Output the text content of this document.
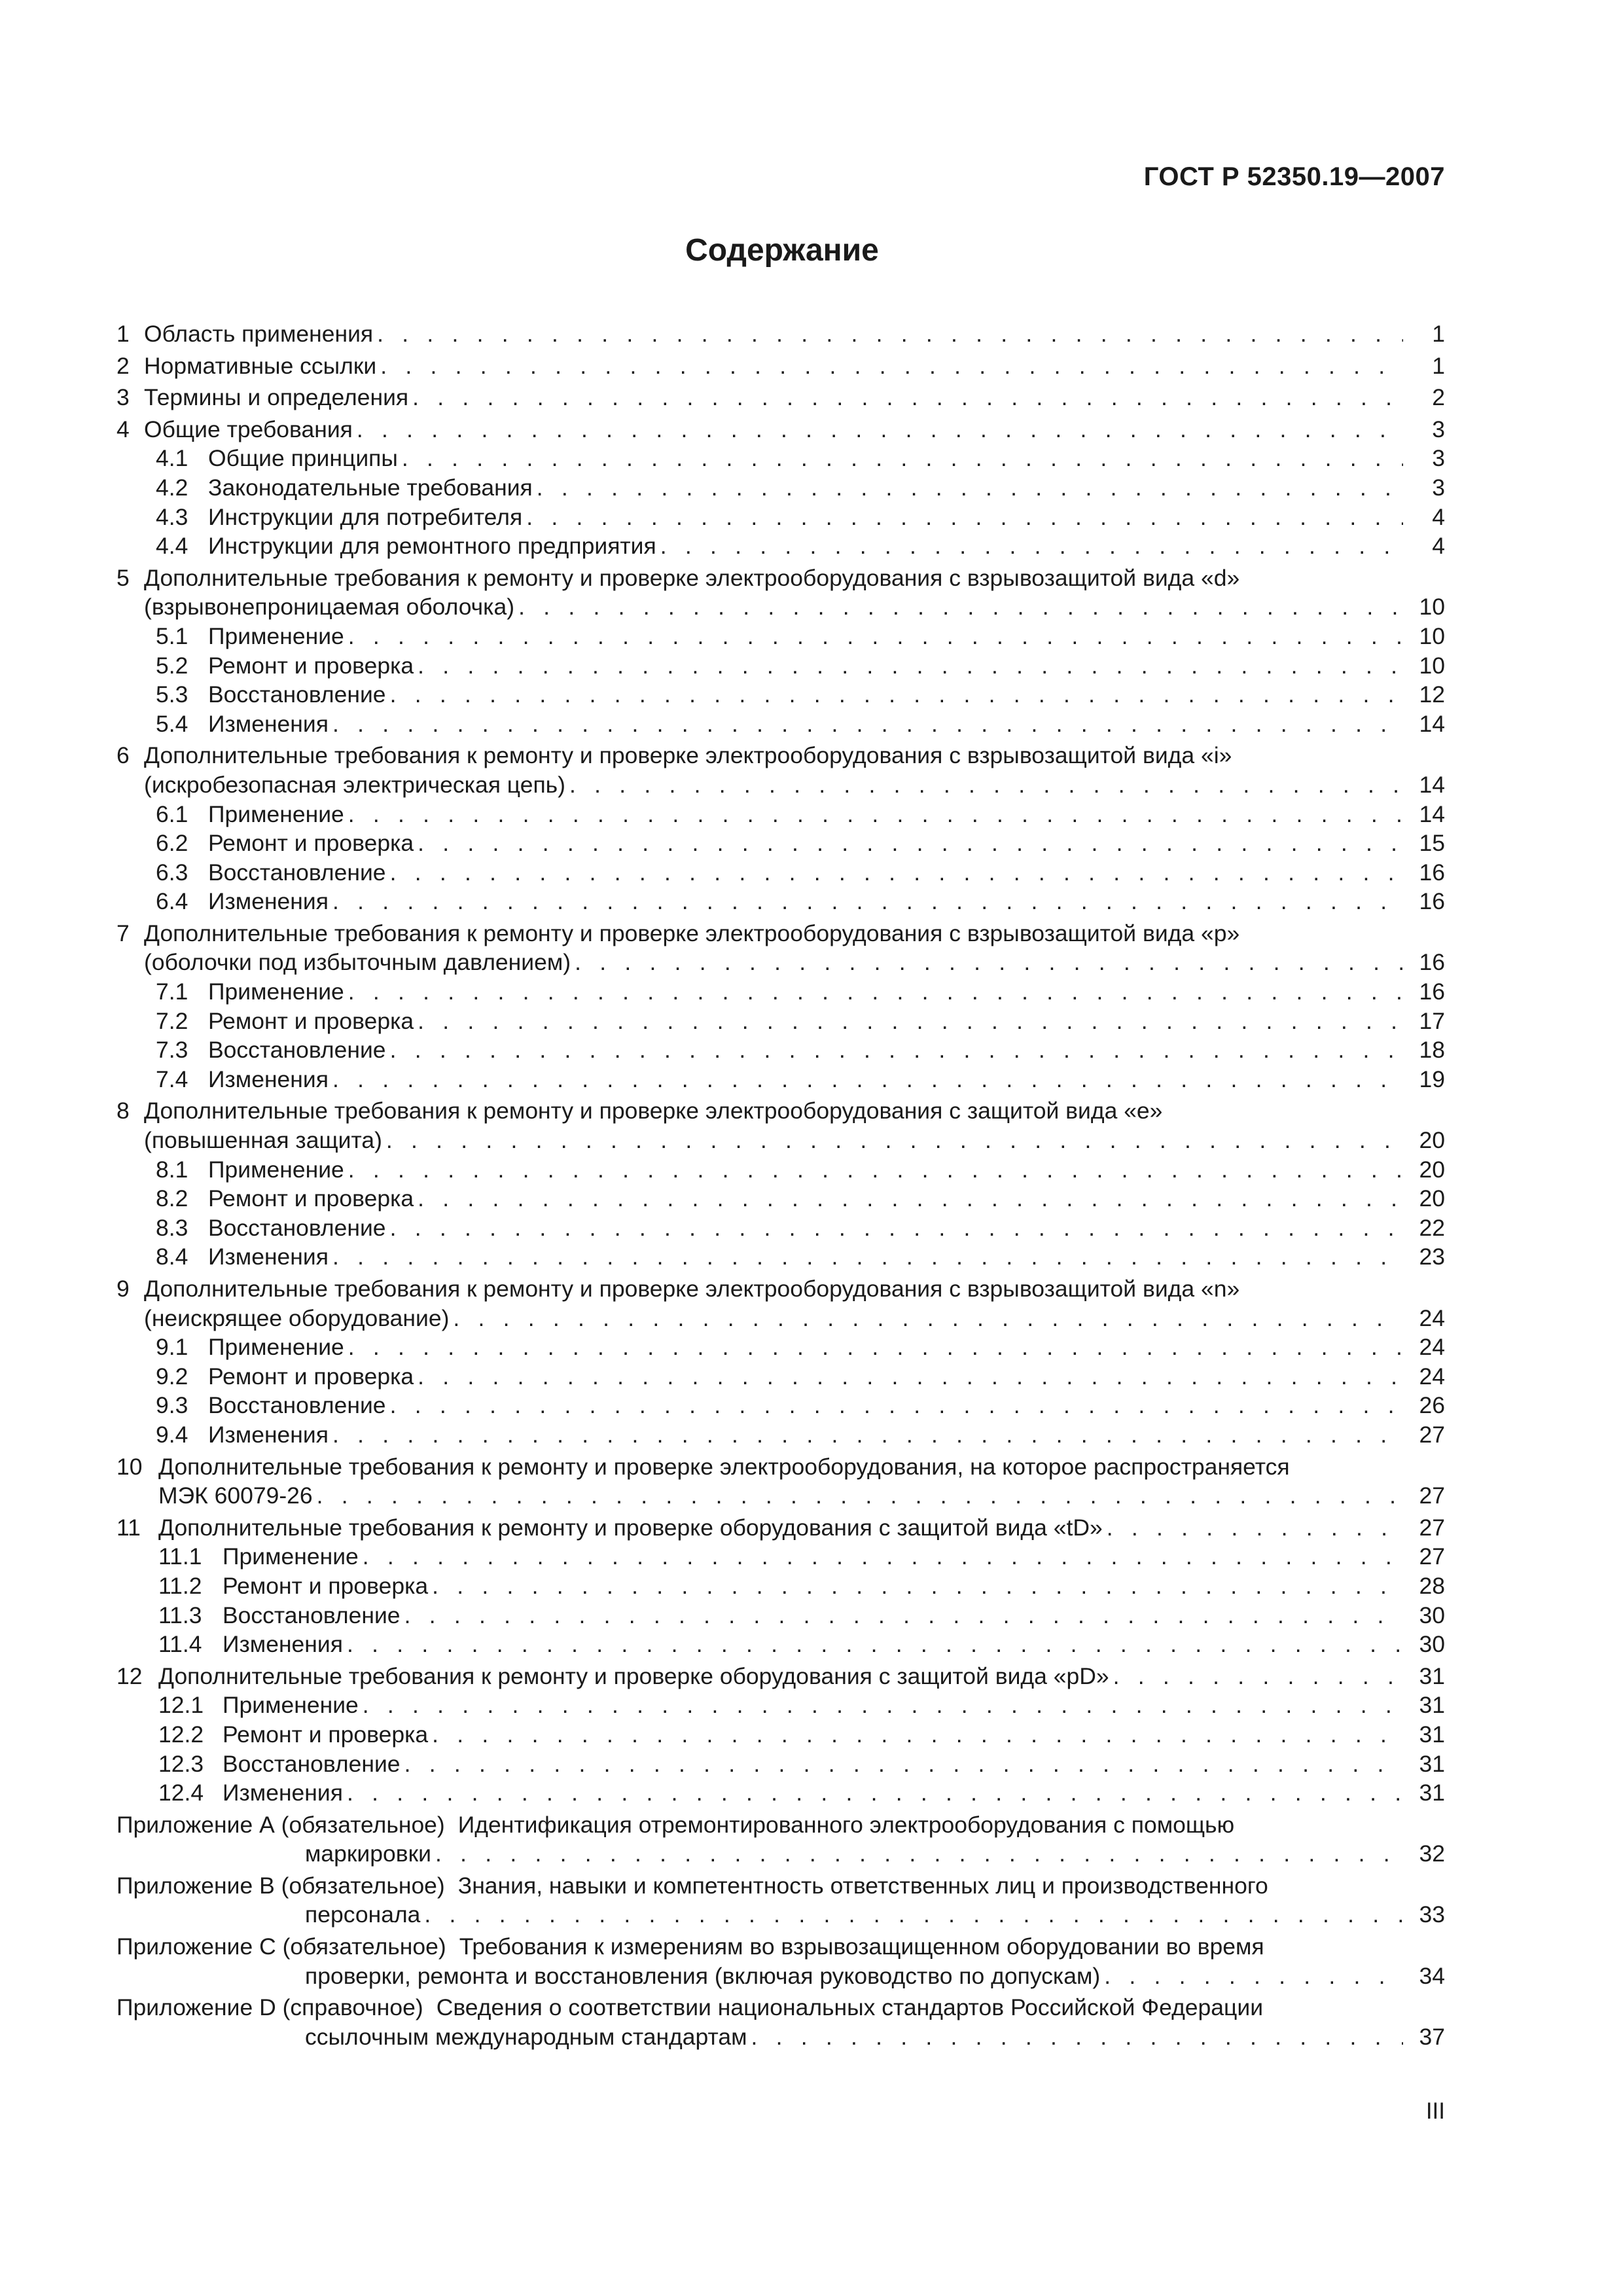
ГОСТ Р 52350.19—2007
Содержание
1 Область применения . . .	1
2 Нормативные ссылки . . .	1
3 Термины и определения . . .	2
4 Общие требования . . .	3
4.1 Общие принципы . . .	3
4.2 Законодательные требования . . .	3
4.3 Инструкции для потребителя . . .	4
4.4 Инструкции для ремонтного предприятия . . .	4
5 Дополнительные требования к ремонту и проверке электрооборудования с взрывозащитой вида «d»
(взрывонепроницаемая оболочка) . . .	10
5.1 Применение . . .	10
5.2 Ремонт и проверка . . .	10
5.3 Восстановление . . .	12
5.4 Изменения . . .	14
6 Дополнительные требования к ремонту и проверке электрооборудования с взрывозащитой вида «i»
(искробезопасная электрическая цепь) . . .	14
6.1 Применение . . .	14
6.2 Ремонт и проверка . . .	15
6.3 Восстановление . . .	16
6.4 Изменения . . .	16
7 Дополнительные требования к ремонту и проверке электрооборудования с взрывозащитой вида «р»
(оболочки под избыточным давлением) . . .	16
7.1 Применение . . .	16
7.2 Ремонт и проверка . . .	17
7.3 Восстановление . . .	18
7.4 Изменения . . .	19
8 Дополнительные требования к ремонту и проверке электрооборудования с защитой вида «е»
(повышенная защита) . . .	20
8.1 Применение . . .	20
8.2 Ремонт и проверка . . .	20
8.3 Восстановление . . .	22
8.4 Изменения . . .	23
9 Дополнительные требования к ремонту и проверке электрооборудования с взрывозащитой вида «n»
(неискрящее оборудование) . . .	24
9.1 Применение . . .	24
9.2 Ремонт и проверка . . .	24
9.3 Восстановление . . .	26
9.4 Изменения . . .	27
10 Дополнительные требования к ремонту и проверке электрооборудования, на которое распространяется
МЭК 60079-26 . . .	27
11 Дополнительные требования к ремонту и проверке оборудования с защитой вида «tD» . . .	27
11.1 Применение . . .	27
11.2 Ремонт и проверка . . .	28
11.3 Восстановление . . .	30
11.4 Изменения . . .	30
12 Дополнительные требования к ремонту и проверке оборудования с защитой вида «pD» . . .	31
12.1 Применение . . .	31
12.2 Ремонт и проверка . . .	31
12.3 Восстановление . . .	31
12.4 Изменения . . .	31
Приложение А (обязательное) Идентификация отремонтированного электрооборудования с помощью
маркировки . . .	32
Приложение В (обязательное) Знания, навыки и компетентность ответственных лиц и производственного
персонала . . .	33
Приложение С (обязательное) Требования к измерениям во взрывозащищенном оборудовании во время
проверки, ремонта и восстановления (включая руководство по допускам) . . .	34
Приложение D (справочное) Сведения о соответствии национальных стандартов Российской Федерации
ссылочным международным стандартам . . .	37
III
